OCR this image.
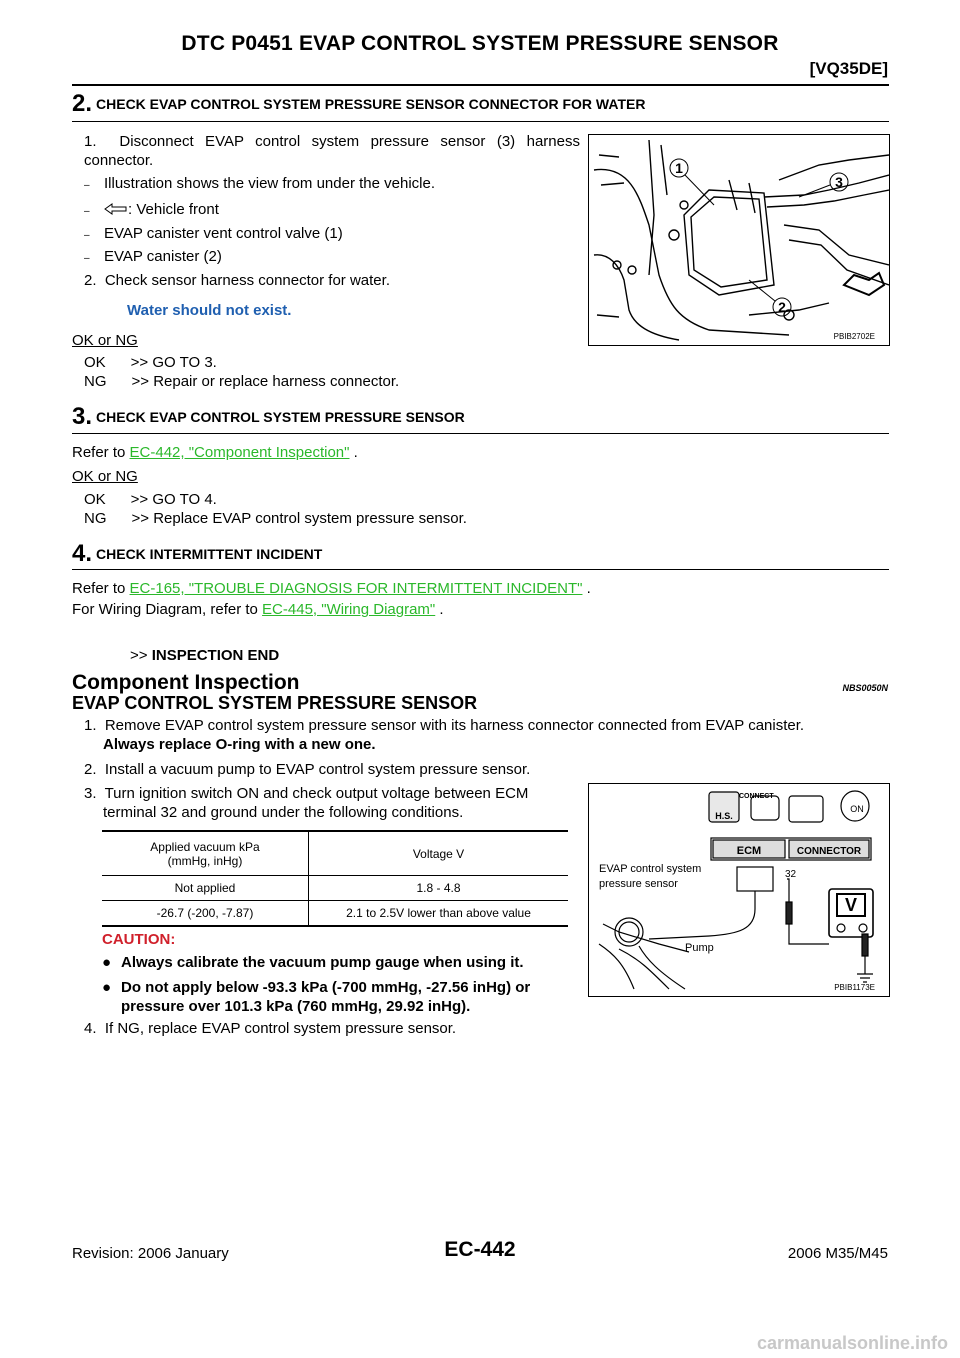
DTC P0451 EVAP CONTROL SYSTEM PRESSURE SENSOR
[VQ35DE]
2. CHECK EVAP CONTROL SYSTEM PRESSURE SENSOR CONNECTOR FOR WATER
1.  Disconnect EVAP control system pressure sensor (3) harness connector.
– Illustration shows the view from under the vehicle.
–	: Vehicle front
– EVAP canister vent control valve (1)
– EVAP canister (2)
2.  Check sensor harness connector for water.
Water should not exist.
OK or NG
OK      >> GO TO 3.
NG      >> Repair or replace harness connector.
1
3
2
PBIB2702E
3. CHECK EVAP CONTROL SYSTEM PRESSURE SENSOR
Refer to EC-442, "Component Inspection" .
OK or NG
OK      >> GO TO 4.
NG      >> Replace EVAP control system pressure sensor.
4. CHECK INTERMITTENT INCIDENT
Refer to EC-165, "TROUBLE DIAGNOSIS FOR INTERMITTENT INCIDENT" .
For Wiring Diagram, refer to EC-445, "Wiring Diagram" .
>> INSPECTION END
Component Inspection	NBS0050N
EVAP CONTROL SYSTEM PRESSURE SENSOR
1.  Remove EVAP control system pressure sensor with its harness connector connected from EVAP canister.
Always replace O-ring with a new one.
2.  Install a vacuum pump to EVAP control system pressure sensor.
3.  Turn ignition switch ON and check output voltage between ECM
terminal 32 and ground under the following conditions.
Applied vacuum kPa
(mmHg, inHg)	Voltage V
Not applied	1.8 - 4.8
-26.7 (-200, -7.87)	2.1 to 2.5V lower than above value
CAUTION:
● Always calibrate the vacuum pump gauge when using it.
● Do not apply below -93.3 kPa (-700 mmHg, -27.56 inHg) or
pressure over 101.3 kPa (760 mmHg, 29.92 inHg).
4.  If NG, replace EVAP control system pressure sensor.
H.S.
CONNECT
ON
ECM	CONNECTOR
EVAP control system
pressure sensor
32
V
Pump
PBIB1173E
Revision: 2006 January	EC-442	2006 M35/M45
carmanualsonline.info
